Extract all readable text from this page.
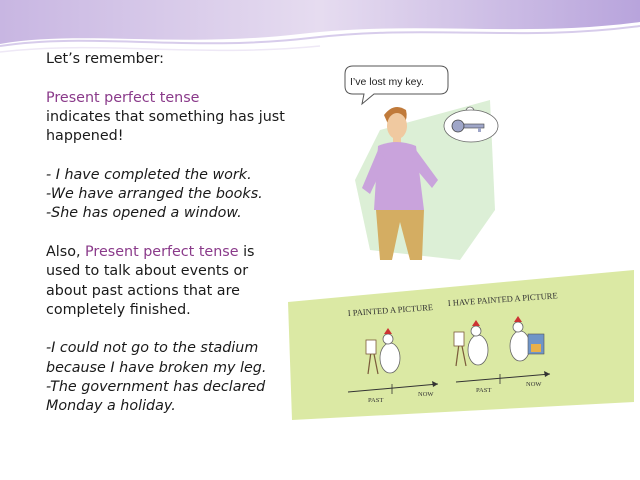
Let’s remember:

Present perfect tense

indicates that something has just happened!

- I have completed the work.

-We have arranged the books.

-She has opened a window.

Also, Present perfect tense is used to talk about events or about past actions that are completely finished.

-I could not go to the stadium because I have broken my leg.

-The government has declared Monday a holiday.

I’ve lost my key.
I PAINTED A PICTURE
I HAVE PAINTED A PICTURE
PAST
NOW
PAST
NOW
